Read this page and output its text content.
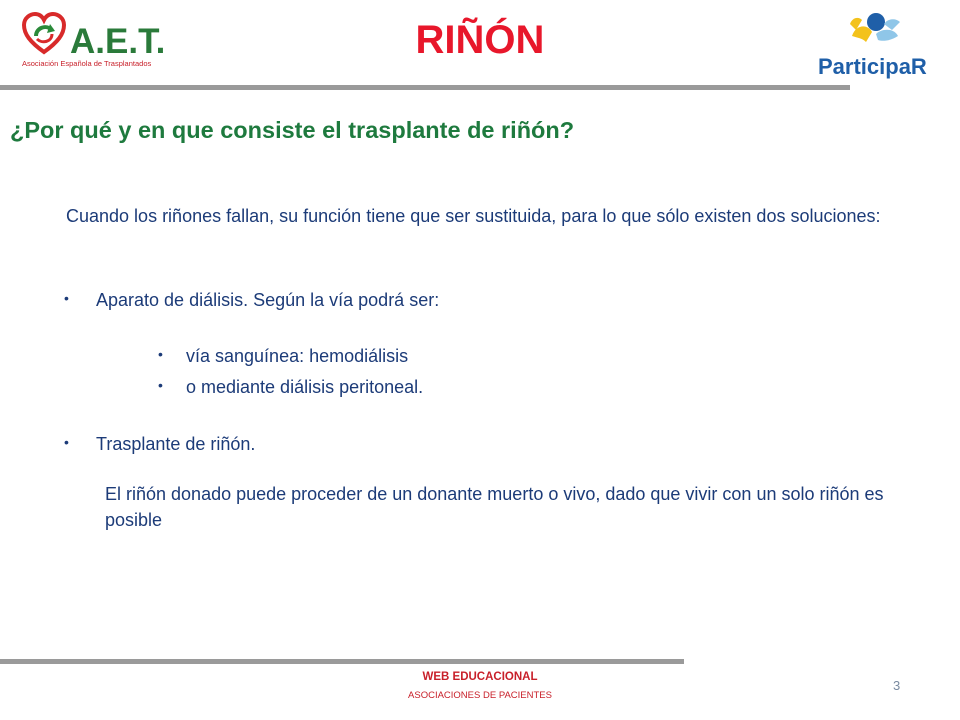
A.E.T.
Asociación Española de Trasplantados
RIÑÓN
ParticipaR
¿Por qué y en que consiste el trasplante de riñón?
Cuando los riñones fallan, su función tiene que ser sustituida, para lo que sólo existen dos soluciones:
• Aparato de diálisis. Según la vía podrá ser:
• vía sanguínea: hemodiálisis
• o mediante diálisis peritoneal.
• Trasplante de riñón.
El riñón donado puede proceder de un donante muerto o vivo, dado que vivir con un solo riñón es posible
WEB EDUCACIONAL
ASOCIACIONES DE PACIENTES
3
